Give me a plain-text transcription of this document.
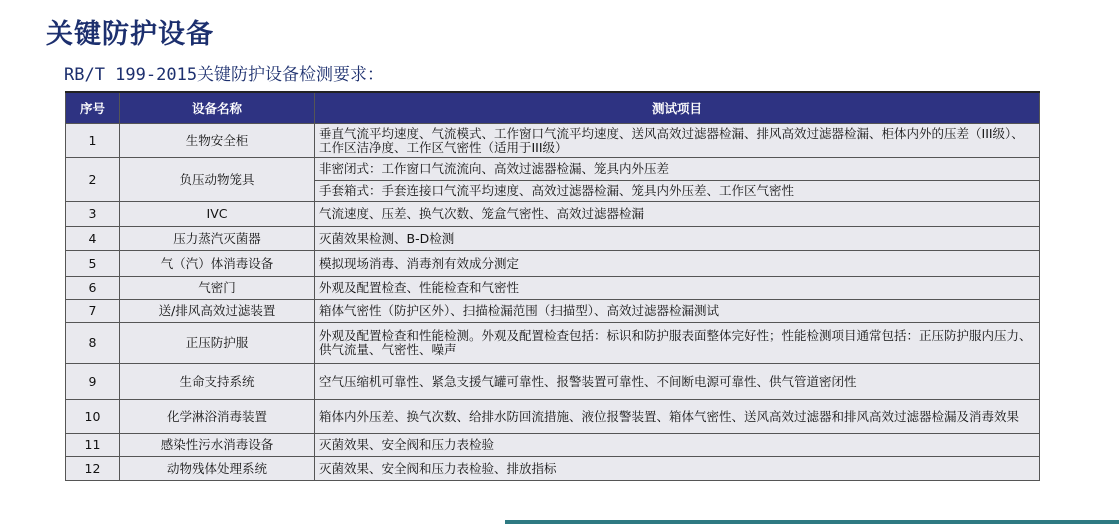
关键防护设备
RB/T 199-2015关键防护设备检测要求：
序号	设备名称	测试项目
1	生物安全柜	垂直气流平均速度、气流模式、工作窗口气流平均速度、送风高效过滤器检漏、排风高效过滤器检漏、柜体内外的压差（III级）、工作区洁净度、工作区气密性（适用于III级）
2	负压动物笼具	非密闭式：工作窗口气流流向、高效过滤器检漏、笼具内外压差
		手套箱式：手套连接口气流平均速度、高效过滤器检漏、笼具内外压差、工作区气密性
3	IVC	气流速度、压差、换气次数、笼盒气密性、高效过滤器检漏
4	压力蒸汽灭菌器	灭菌效果检测、B-D检测
5	气（汽）体消毒设备	模拟现场消毒、消毒剂有效成分测定
6	气密门	外观及配置检查、性能检查和气密性
7	送/排风高效过滤装置	箱体气密性（防护区外）、扫描检漏范围（扫描型）、高效过滤器检漏测试
8	正压防护服	外观及配置检查和性能检测。外观及配置检查包括：标识和防护服表面整体完好性；性能检测项目通常包括：正压防护服内压力、供气流量、气密性、噪声
9	生命支持系统	空气压缩机可靠性、紧急支援气罐可靠性、报警装置可靠性、不间断电源可靠性、供气管道密闭性
10	化学淋浴消毒装置	箱体内外压差、换气次数、给排水防回流措施、液位报警装置、箱体气密性、送风高效过滤器和排风高效过滤器检漏及消毒效果
11	感染性污水消毒设备	灭菌效果、安全阀和压力表检验
12	动物残体处理系统	灭菌效果、安全阀和压力表检验、排放指标
